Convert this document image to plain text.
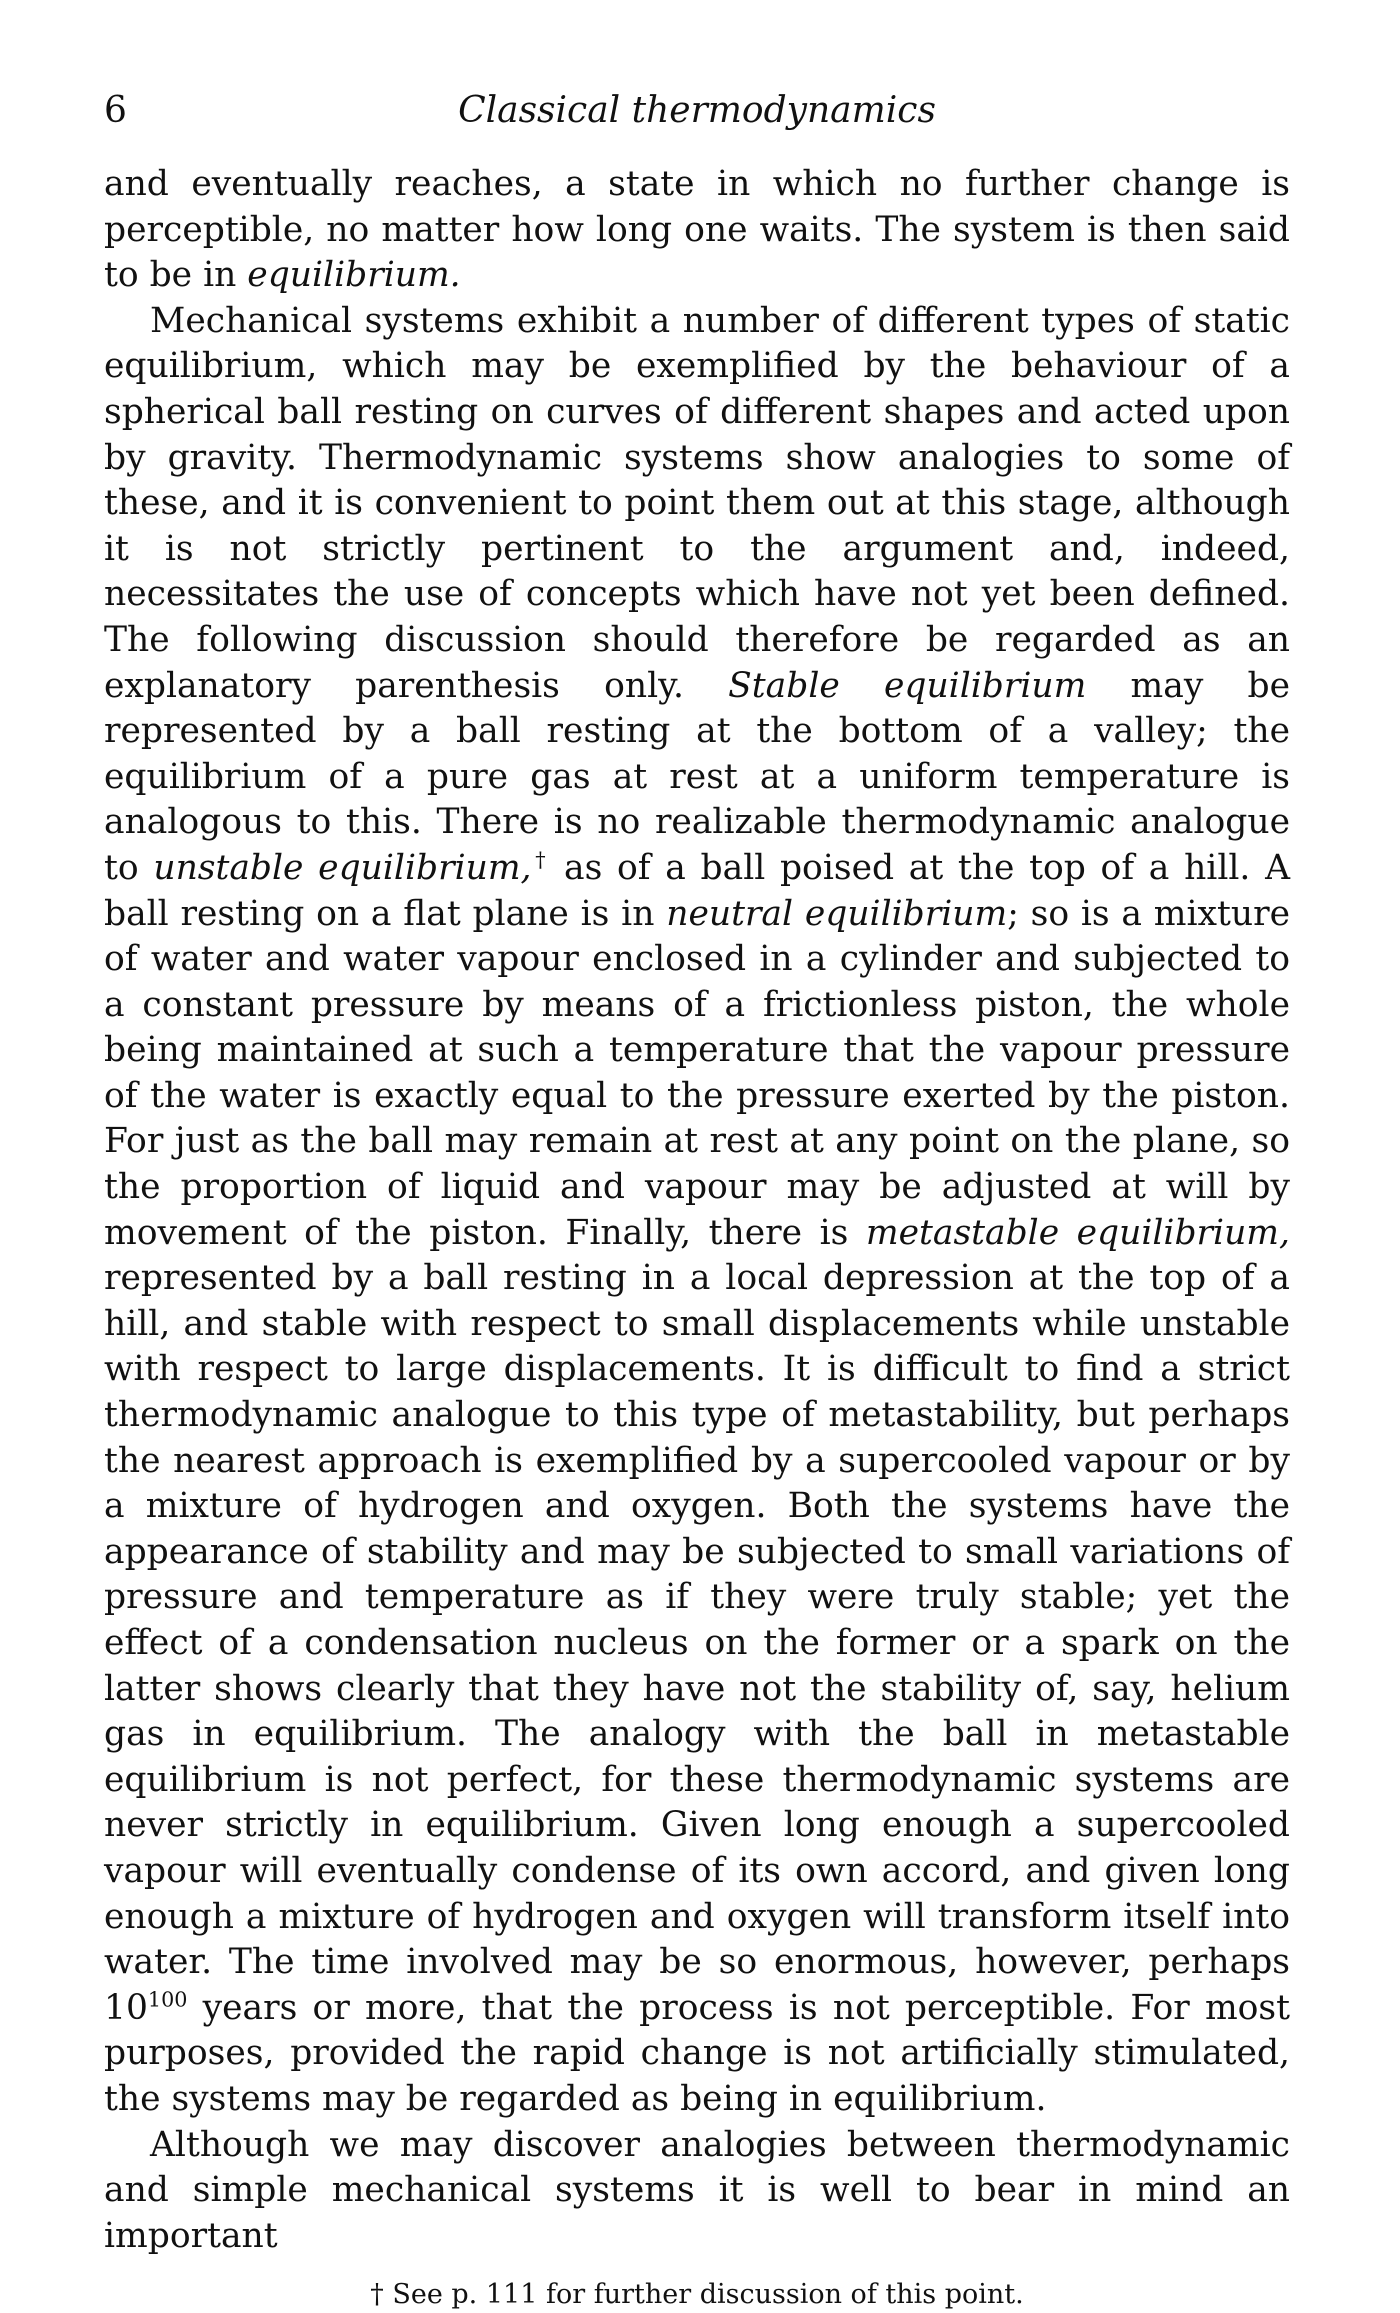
6	Classical thermodynamics

and eventually reaches, a state in which no further change is perceptible, no matter how long one waits. The system is then said to be in equilibrium.

Mechanical systems exhibit a number of different types of static equilibrium, which may be exemplified by the behaviour of a spherical ball resting on curves of different shapes and acted upon by gravity. Thermodynamic systems show analogies to some of these, and it is convenient to point them out at this stage, although it is not strictly pertinent to the argument and, indeed, necessitates the use of concepts which have not yet been defined. The following discussion should therefore be regarded as an explanatory parenthesis only. Stable equilibrium may be represented by a ball resting at the bottom of a valley; the equilibrium of a pure gas at rest at a uniform temperature is analogous to this. There is no realizable thermodynamic analogue to unstable equilibrium,† as of a ball poised at the top of a hill. A ball resting on a flat plane is in neutral equilibrium; so is a mixture of water and water vapour enclosed in a cylinder and subjected to a constant pressure by means of a frictionless piston, the whole being maintained at such a temperature that the vapour pressure of the water is exactly equal to the pressure exerted by the piston. For just as the ball may remain at rest at any point on the plane, so the proportion of liquid and vapour may be adjusted at will by movement of the piston. Finally, there is metastable equilibrium, represented by a ball resting in a local depression at the top of a hill, and stable with respect to small displacements while unstable with respect to large displacements. It is difficult to find a strict thermodynamic analogue to this type of metastability, but perhaps the nearest approach is exemplified by a supercooled vapour or by a mixture of hydrogen and oxygen. Both the systems have the appearance of stability and may be subjected to small variations of pressure and temperature as if they were truly stable; yet the effect of a condensation nucleus on the former or a spark on the latter shows clearly that they have not the stability of, say, helium gas in equilibrium. The analogy with the ball in metastable equilibrium is not perfect, for these thermodynamic systems are never strictly in equilibrium. Given long enough a supercooled vapour will eventually condense of its own accord, and given long enough a mixture of hydrogen and oxygen will transform itself into water. The time involved may be so enormous, however, perhaps $10^{100}$ years or more, that the process is not perceptible. For most purposes, provided the rapid change is not artificially stimulated, the systems may be regarded as being in equilibrium.

Although we may discover analogies between thermodynamic and simple mechanical systems it is well to bear in mind an important

† See p. 111 for further discussion of this point.
